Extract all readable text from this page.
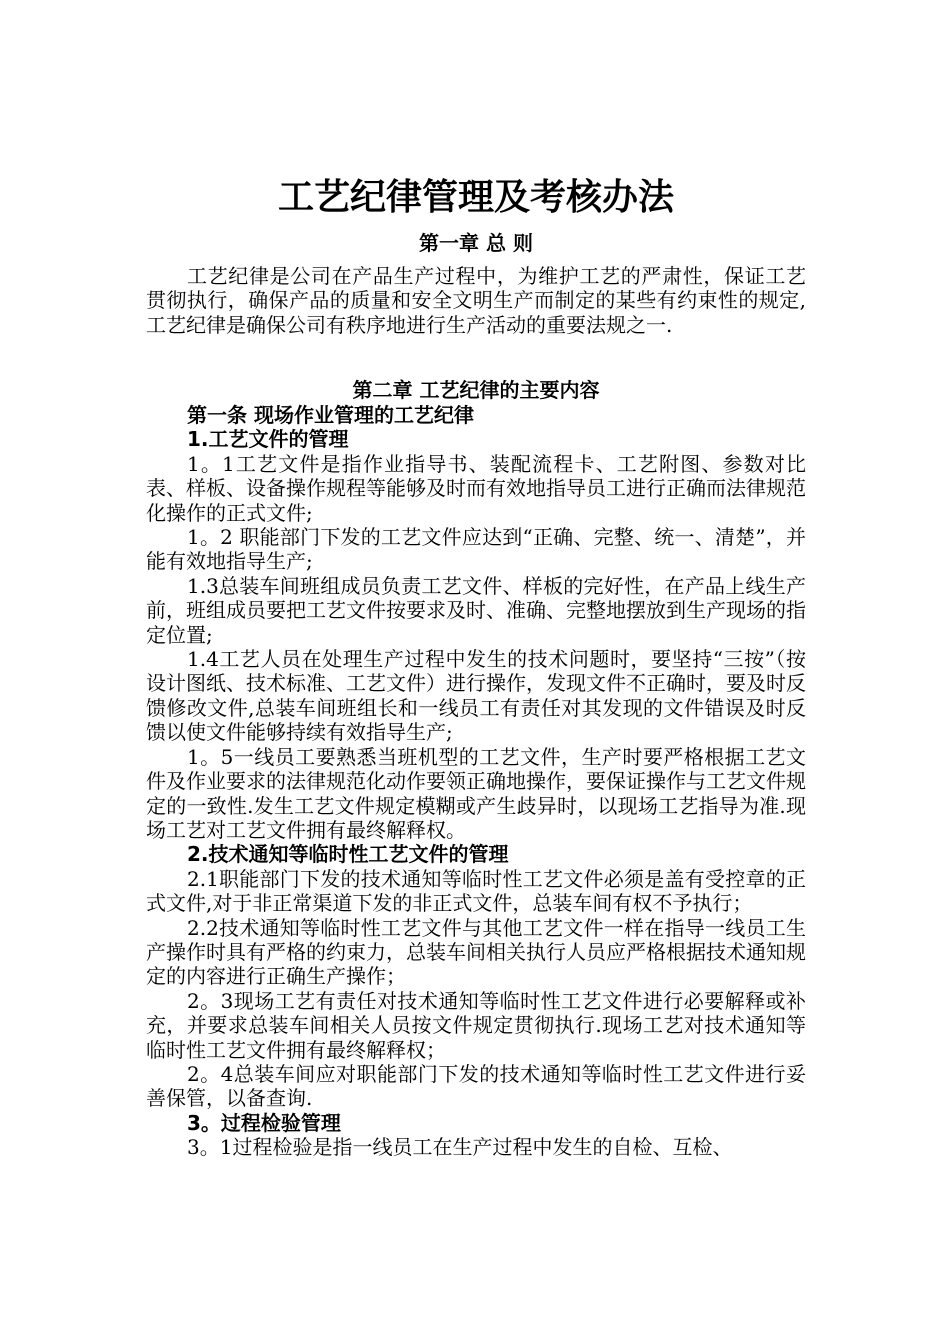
工艺纪律管理及考核办法
第一章 总 则

工艺纪律是公司在产品生产过程中，为维护工艺的严肃性，保证工艺贯彻执行，确保产品的质量和安全文明生产而制定的某些有约束性的规定,工艺纪律是确保公司有秩序地进行生产活动的重要法规之一.

第二章 工艺纪律的主要内容

第一条 现场作业管理的工艺纪律

1.工艺文件的管理

1。1工艺文件是指作业指导书、装配流程卡、工艺附图、参数对比表、样板、设备操作规程等能够及时而有效地指导员工进行正确而法律规范化操作的正式文件;

1。2 职能部门下发的工艺文件应达到“正确、完整、统一、清楚”，并能有效地指导生产;

1.3总装车间班组成员负责工艺文件、样板的完好性，在产品上线生产前，班组成员要把工艺文件按要求及时、准确、完整地摆放到生产现场的指定位置;

1.4工艺人员在处理生产过程中发生的技术问题时，要坚持“三按”（按设计图纸、技术标准、工艺文件）进行操作，发现文件不正确时，要及时反馈修改文件,总装车间班组长和一线员工有责任对其发现的文件错误及时反馈以使文件能够持续有效指导生产;

1。5一线员工要熟悉当班机型的工艺文件，生产时要严格根据工艺文件及作业要求的法律规范化动作要领正确地操作，要保证操作与工艺文件规定的一致性.发生工艺文件规定模糊或产生歧异时，以现场工艺指导为准.现场工艺对工艺文件拥有最终解释权。

2.技术通知等临时性工艺文件的管理

2.1职能部门下发的技术通知等临时性工艺文件必须是盖有受控章的正式文件,对于非正常渠道下发的非正式文件，总装车间有权不予执行；

2.2技术通知等临时性工艺文件与其他工艺文件一样在指导一线员工生产操作时具有严格的约束力，总装车间相关执行人员应严格根据技术通知规定的内容进行正确生产操作；

2。3现场工艺有责任对技术通知等临时性工艺文件进行必要解释或补充，并要求总装车间相关人员按文件规定贯彻执行.现场工艺对技术通知等临时性工艺文件拥有最终解释权；

2。4总装车间应对职能部门下发的技术通知等临时性工艺文件进行妥善保管，以备查询.

3。过程检验管理

3。1过程检验是指一线员工在生产过程中发生的自检、互检、
